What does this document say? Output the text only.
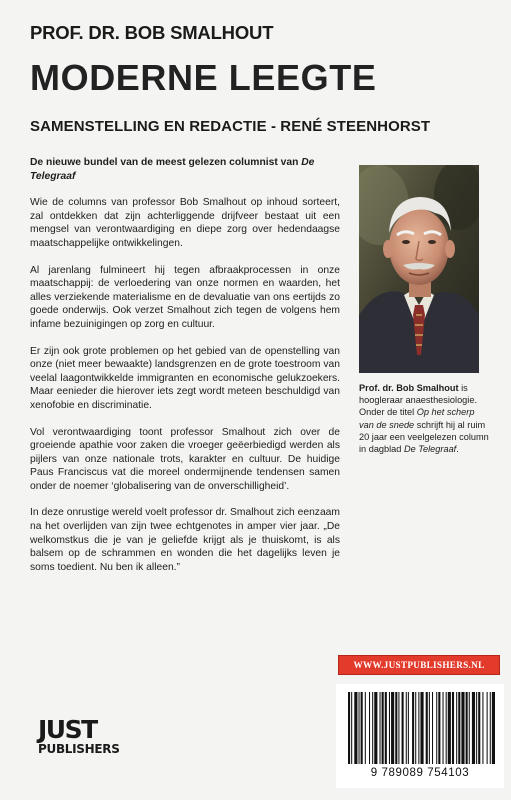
PROF. DR. BOB SMALHOUT
MODERNE LEEGTE
SAMENSTELLING EN REDACTIE - RENÉ STEENHORST

De nieuwe bundel van de meest gelezen columnist van De Telegraaf

Wie de columns van professor Bob Smalhout op inhoud sorteert, zal ontdekken dat zijn achterliggende drijfveer bestaat uit een mengsel van verontwaardiging en diepe zorg over hedendaagse maatschappelijke ontwikkelingen.

Al jarenlang fulmineert hij tegen afbraakprocessen in onze maatschappij: de verloedering van onze normen en waarden, het alles verziekende materialisme en de devaluatie van ons eertijds zo goede onderwijs. Ook verzet Smalhout zich tegen de volgens hem infame bezuinigingen op zorg en cultuur.

Er zijn ook grote problemen op het gebied van de openstelling van onze (niet meer bewaakte) landsgrenzen en de grote toestroom van veelal laagontwikkelde immigranten en economische gelukzoekers. Maar eenieder die hierover iets zegt wordt meteen beschuldigd van xenofobie en discriminatie.

Vol verontwaardiging toont professor Smalhout zich over de groeiende apathie voor zaken die vroeger geëerbiedigd werden als pijlers van onze nationale trots, karakter en cultuur. De huidige Paus Franciscus vat die moreel ondermijnende tendensen samen onder de noemer ‘globalisering van de onverschilligheid’.

In deze onrustige wereld voelt professor dr. Smalhout zich eenzaam na het overlijden van zijn twee echtgenotes in amper vier jaar. „De welkomstkus die je van je geliefde krijgt als je thuiskomt, is als balsem op de schrammen en wonden die het dagelijks leven je soms toedient. Nu ben ik alleen.”

Prof. dr. Bob Smalhout is hoogleraar anaesthesiologie. Onder de titel Op het scherp van de snede schrijft hij al ruim 20 jaar een veelgelezen column in dagblad De Telegraaf.
WWW.JUSTPUBLISHERS.NL
JUST
PUBLISHERS
9 789089 754103
